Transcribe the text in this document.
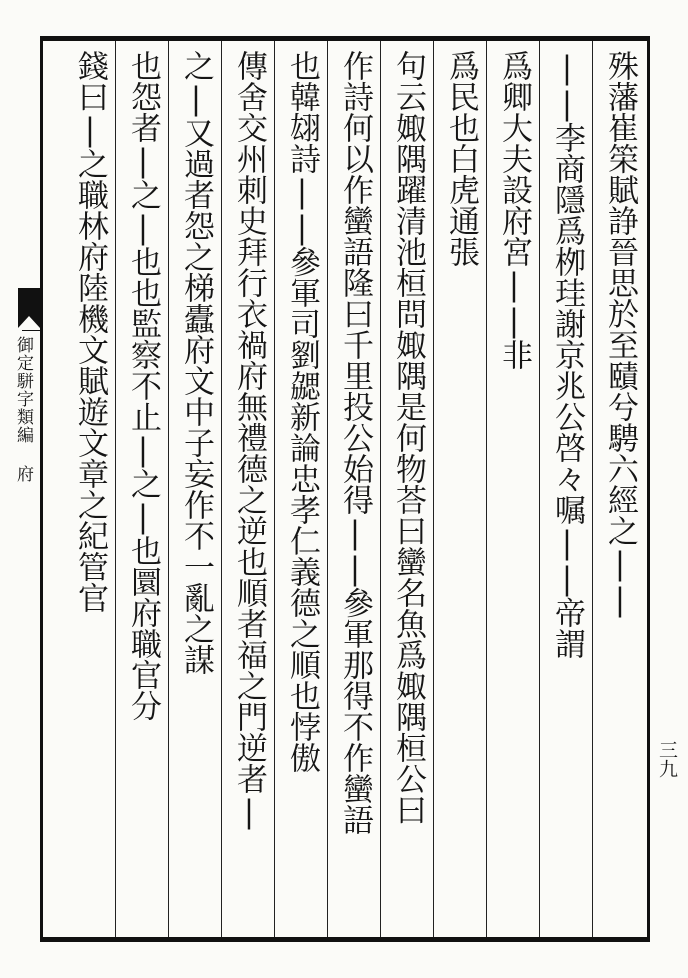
殊藩崔筞賦諍晉思於至賾兮騁六經之||
||李商隱爲栁珪謝京兆公啓々嘱||帝謂
爲卿大夫設府宮||非
爲民也白虎通張
句云娵隅躍清池桓問娵隅是何物荅曰蠻名魚爲娵隅桓公曰
作詩何以作蠻語隆曰千里投公始得||參軍那得不作蠻語
也韓翃詩||參軍司劉勰新論忠孝仁義德之順也悖傲
傳舍交州刺史拜行衣禍府無禮德之逆也順者福之門逆者|
之|又過者怨之梯蠹府文中子妄作不一亂之謀
也怨者|之|也也監察不止|之|也圜府職官分
錢曰|之職林府陸機文賦遊文章之紀管官
御定駢字類編 府
三九
